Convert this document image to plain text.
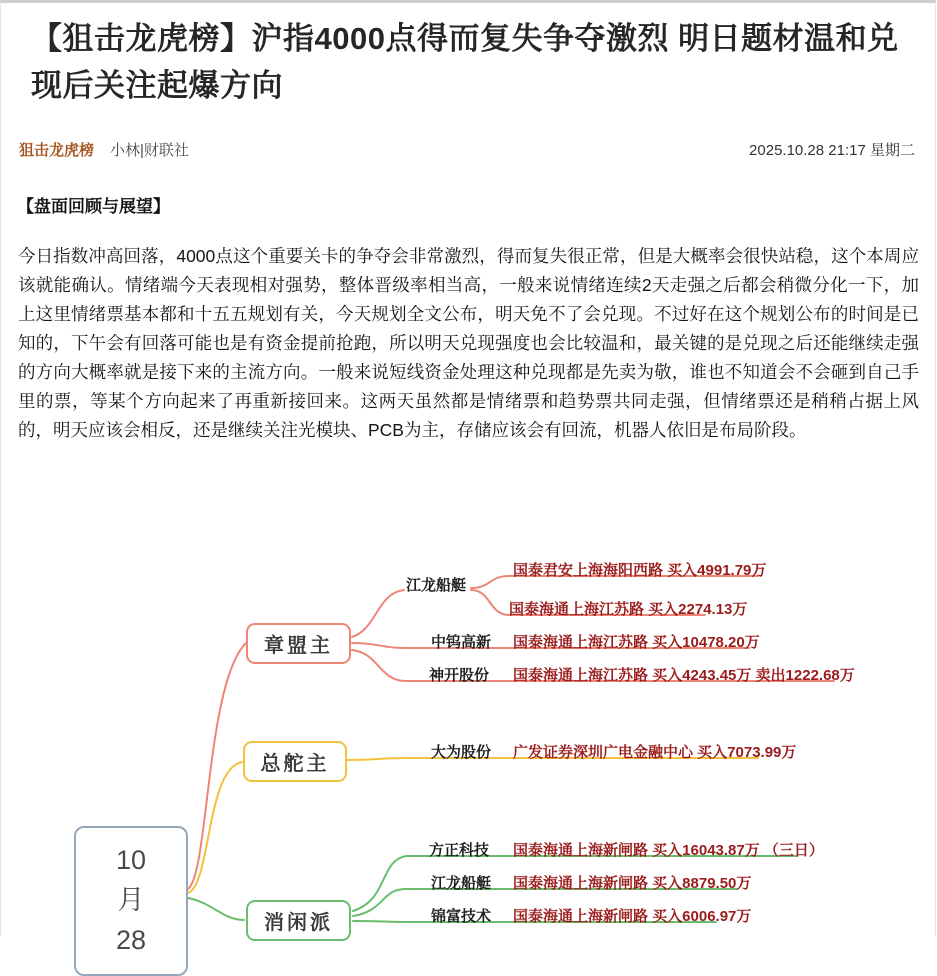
【狙击龙虎榜】沪指4000点得而复失争夺激烈 明日题材温和兑现后关注起爆方向
狙击龙虎榜 小林|财联社	2025.10.28 21:17 星期二
【盘面回顾与展望】

今日指数冲高回落，4000点这个重要关卡的争夺会非常激烈，得而复失很正常，但是大概率会很快站稳，这个本周应该就能确认。情绪端今天表现相对强势，整体晋级率相当高，一般来说情绪连续2天走强之后都会稍微分化一下，加上这里情绪票基本都和十五五规划有关，今天规划全文公布，明天免不了会兑现。不过好在这个规划公布的时间是已知的，下午会有回落可能也是有资金提前抢跑，所以明天兑现强度也会比较温和，最关键的是兑现之后还能继续走强的方向大概率就是接下来的主流方向。一般来说短线资金处理这种兑现都是先卖为敬，谁也不知道会不会砸到自己手里的票，等某个方向起来了再重新接回来。这两天虽然都是情绪票和趋势票共同走强，但情绪票还是稍稍占据上风的，明天应该会相反，还是继续关注光模块、PCB为主，存储应该会有回流，机器人依旧是布局阶段。

10
月
28
章盟主
总舵主
消闲派
江龙船艇
国泰君安上海海阳西路 买入4991.79万
国泰海通上海江苏路 买入2274.13万
中钨高新 国泰海通上海江苏路 买入10478.20万
神开股份 国泰海通上海江苏路 买入4243.45万 卖出1222.68万
大为股份 广发证券深圳广电金融中心 买入7073.99万
方正科技 国泰海通上海新闸路 买入16043.87万 （三日）
江龙船艇 国泰海通上海新闸路 买入8879.50万
锦富技术 国泰海通上海新闸路 买入6006.97万
